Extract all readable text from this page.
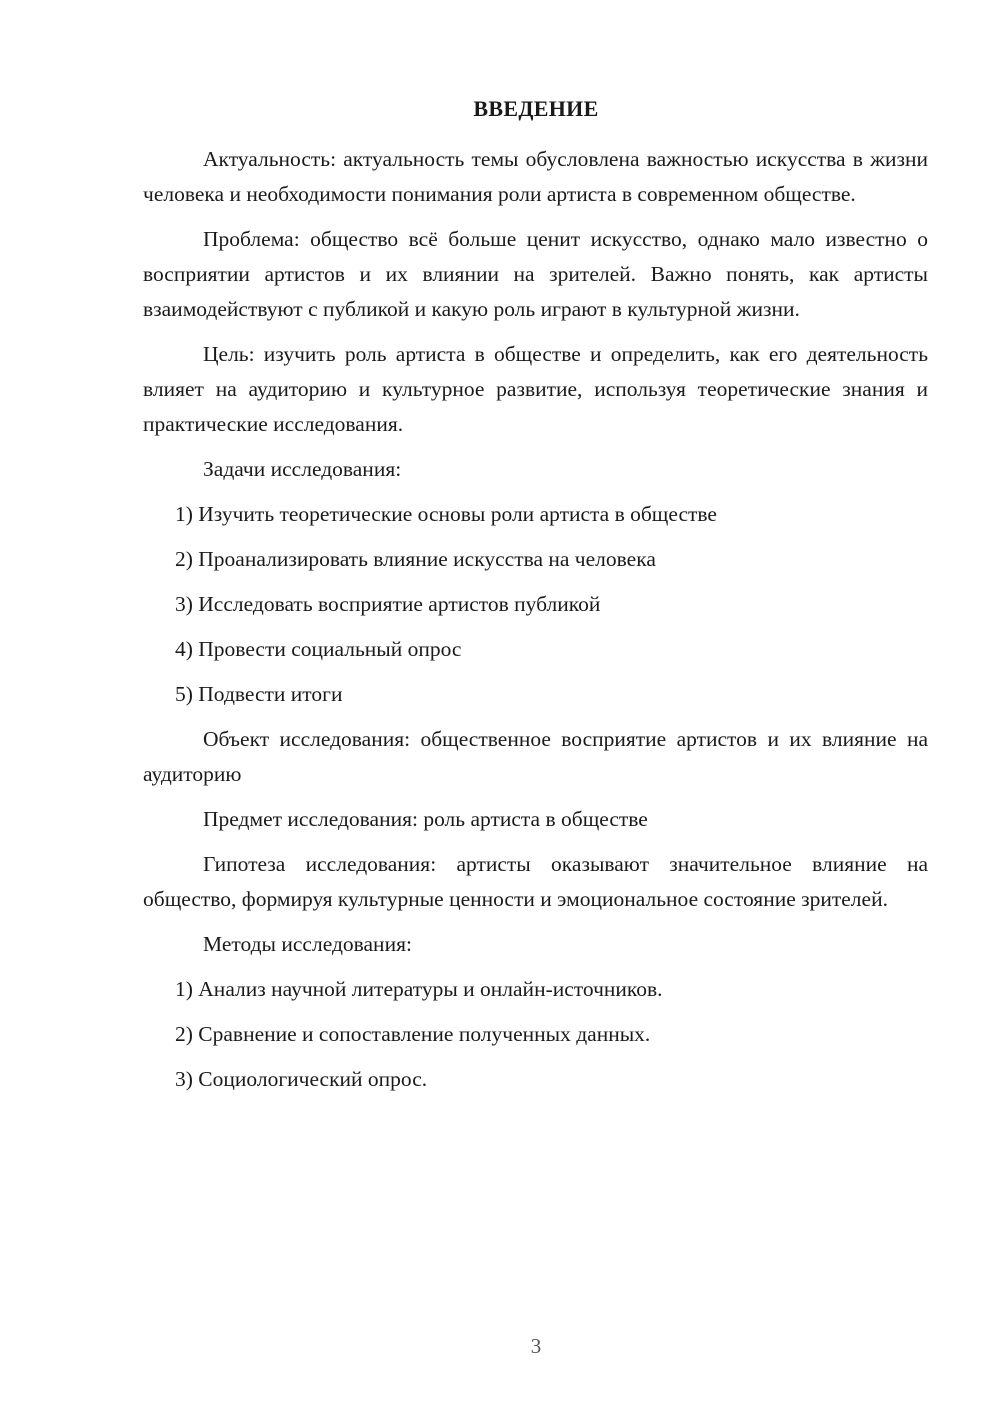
ВВЕДЕНИЕ

Актуальность: актуальность темы обусловлена важностью искусства в жизни человека и необходимости понимания роли артиста в современном обществе.

Проблема: общество всё больше ценит искусство, однако мало известно о восприятии артистов и их влиянии на зрителей. Важно понять, как артисты взаимодействуют с публикой и какую роль играют в культурной жизни.

Цель: изучить роль артиста в обществе и определить, как его деятельность влияет на аудиторию и культурное развитие, используя теоретические знания и практические исследования.

Задачи исследования:

1) Изучить теоретические основы роли артиста в обществе

2) Проанализировать влияние искусства на человека

3) Исследовать восприятие артистов публикой

4) Провести социальный опрос

5) Подвести итоги

Объект исследования: общественное восприятие артистов и их влияние на аудиторию

Предмет исследования: роль артиста в обществе

Гипотеза исследования: артисты оказывают значительное влияние на общество, формируя культурные ценности и эмоциональное состояние зрителей.

Методы исследования:

1) Анализ научной литературы и онлайн-источников.

2) Сравнение и сопоставление полученных данных.

3) Социологический опрос.

3
